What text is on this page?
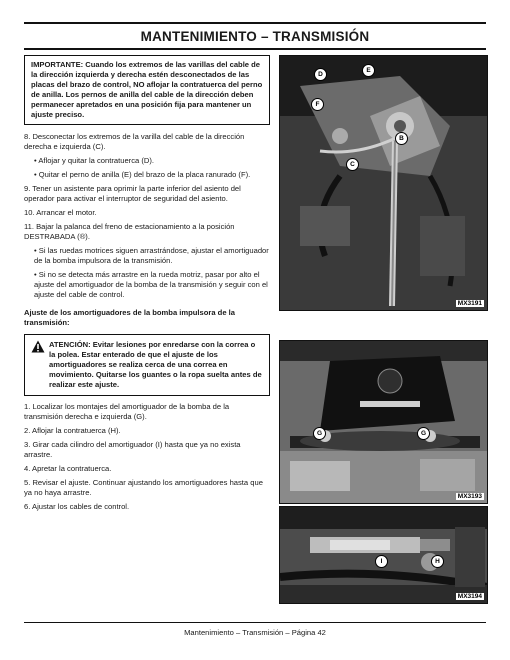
MANTENIMIENTO – TRANSMISIÓN
IMPORTANTE: Cuando los extremos de las varillas del cable de la dirección izquierda y derecha estén desconectados de las placas del brazo de control, NO aflojar la contratuerca del perno de anilla. Los pernos de anilla del cable de la dirección deben permanecer apretados en una posición fija para mantener un ajuste preciso.
8. Desconectar los extremos de la varilla del cable de la dirección derecha e izquierda (C).
• Aflojar y quitar la contratuerca (D).
• Quitar el perno de anilla (E) del brazo de la placa ranurado (F).
9. Tener un asistente para oprimir la parte inferior del asiento del operador para activar el interruptor de seguridad del asiento.
10. Arrancar el motor.
11. Bajar la palanca del freno de estacionamiento a la posición DESTRABADA (®).
• Si las ruedas motrices siguen arrastrándose, ajustar el amortiguador de la bomba impulsora de la transmisión.
• Si no se detecta más arrastre en la rueda motriz, pasar por alto el ajuste del amortiguador de la bomba de la transmisión y seguir con el ajuste del cable de control.
Ajuste de los amortiguadores de la bomba impulsora de la transmisión:
ATENCIÓN: Evitar lesiones por enredarse con la correa o la polea. Estar enterado de que el ajuste de los amortiguadores se realiza cerca de una correa en movimiento. Quitarse los guantes o la ropa suelta antes de realizar este ajuste.
1. Localizar los montajes del amortiguador de la bomba de la transmisión derecha e izquierda (G).
2. Aflojar la contratuerca (H).
3. Girar cada cilindro del amortiguador (I) hasta que ya no exista arrastre.
4. Apretar la contratuerca.
5. Revisar el ajuste. Continuar ajustando los amortiguadores hasta que ya no haya arrastre.
6. Ajustar los cables de control.
D
E
F
B
C
MX3191
G	G
MX3193
I	H
MX3194
Mantenimiento – Transmisión – Página 42
